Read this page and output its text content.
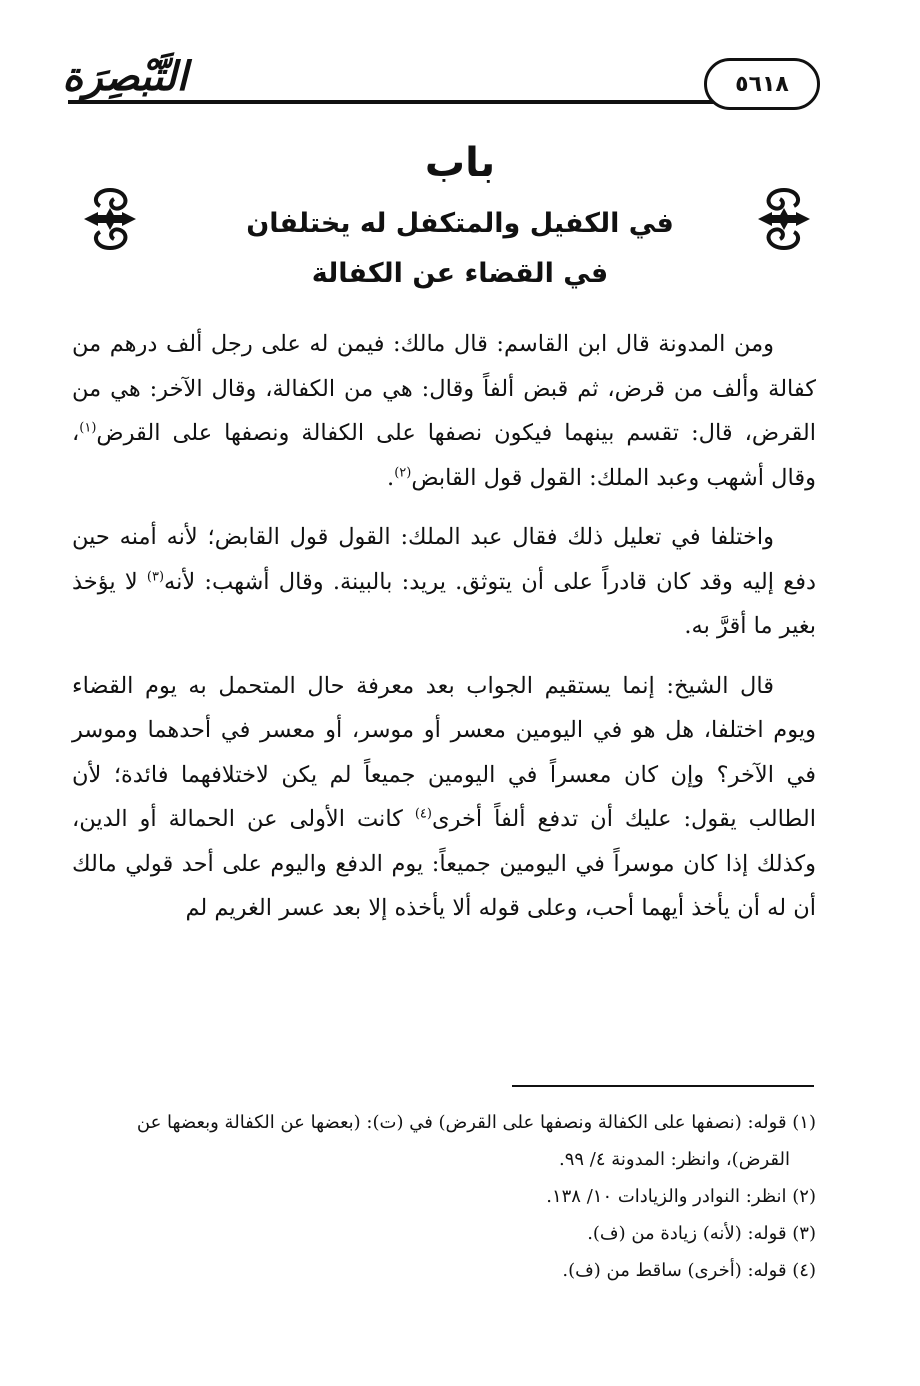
التَّبْصِرَة	٥٦١٨
باب
في الكفيل والمتكفل له يختلفان
في القضاء عن الكفالة

ومن المدونة قال ابن القاسم: قال مالك: فيمن له على رجل ألف درهم من كفالة وألف من قرض، ثم قبض ألفاً وقال: هي من الكفالة، وقال الآخر: هي من القرض، قال: تقسم بينهما فيكون نصفها على الكفالة ونصفها على القرض$^{(١)}$، وقال أشهب وعبد الملك: القول قول القابض$^{(٢)}$.

واختلفا في تعليل ذلك فقال عبد الملك: القول قول القابض؛ لأنه أمنه حين دفع إليه وقد كان قادراً على أن يتوثق. يريد: بالبينة. وقال أشهب: لأنه$^{(٣)}$ لا يؤخذ بغير ما أقرَّ به.

قال الشيخ: إنما يستقيم الجواب بعد معرفة حال المتحمل به يوم القضاء ويوم اختلفا، هل هو في اليومين معسر أو موسر، أو معسر في أحدهما وموسر في الآخر؟ وإن كان معسراً في اليومين جميعاً لم يكن لاختلافهما فائدة؛ لأن الطالب يقول: عليك أن تدفع ألفاً أخرى$^{(٤)}$ كانت الأولى عن الحمالة أو الدين، وكذلك إذا كان موسراً في اليومين جميعاً: يوم الدفع واليوم على أحد قولي مالك أن له أن يأخذ أيهما أحب، وعلى قوله ألا يأخذه إلا بعد عسر الغريم لم

(١) قوله: (نصفها على الكفالة ونصفها على القرض) في (ت): (بعضها عن الكفالة وبعضها عن
القرض)، وانظر: المدونة ٤/ ٩٩.
(٢) انظر: النوادر والزيادات ١٠/ ١٣٨.
(٣) قوله: (لأنه) زيادة من (ف).
(٤) قوله: (أخرى) ساقط من (ف).
